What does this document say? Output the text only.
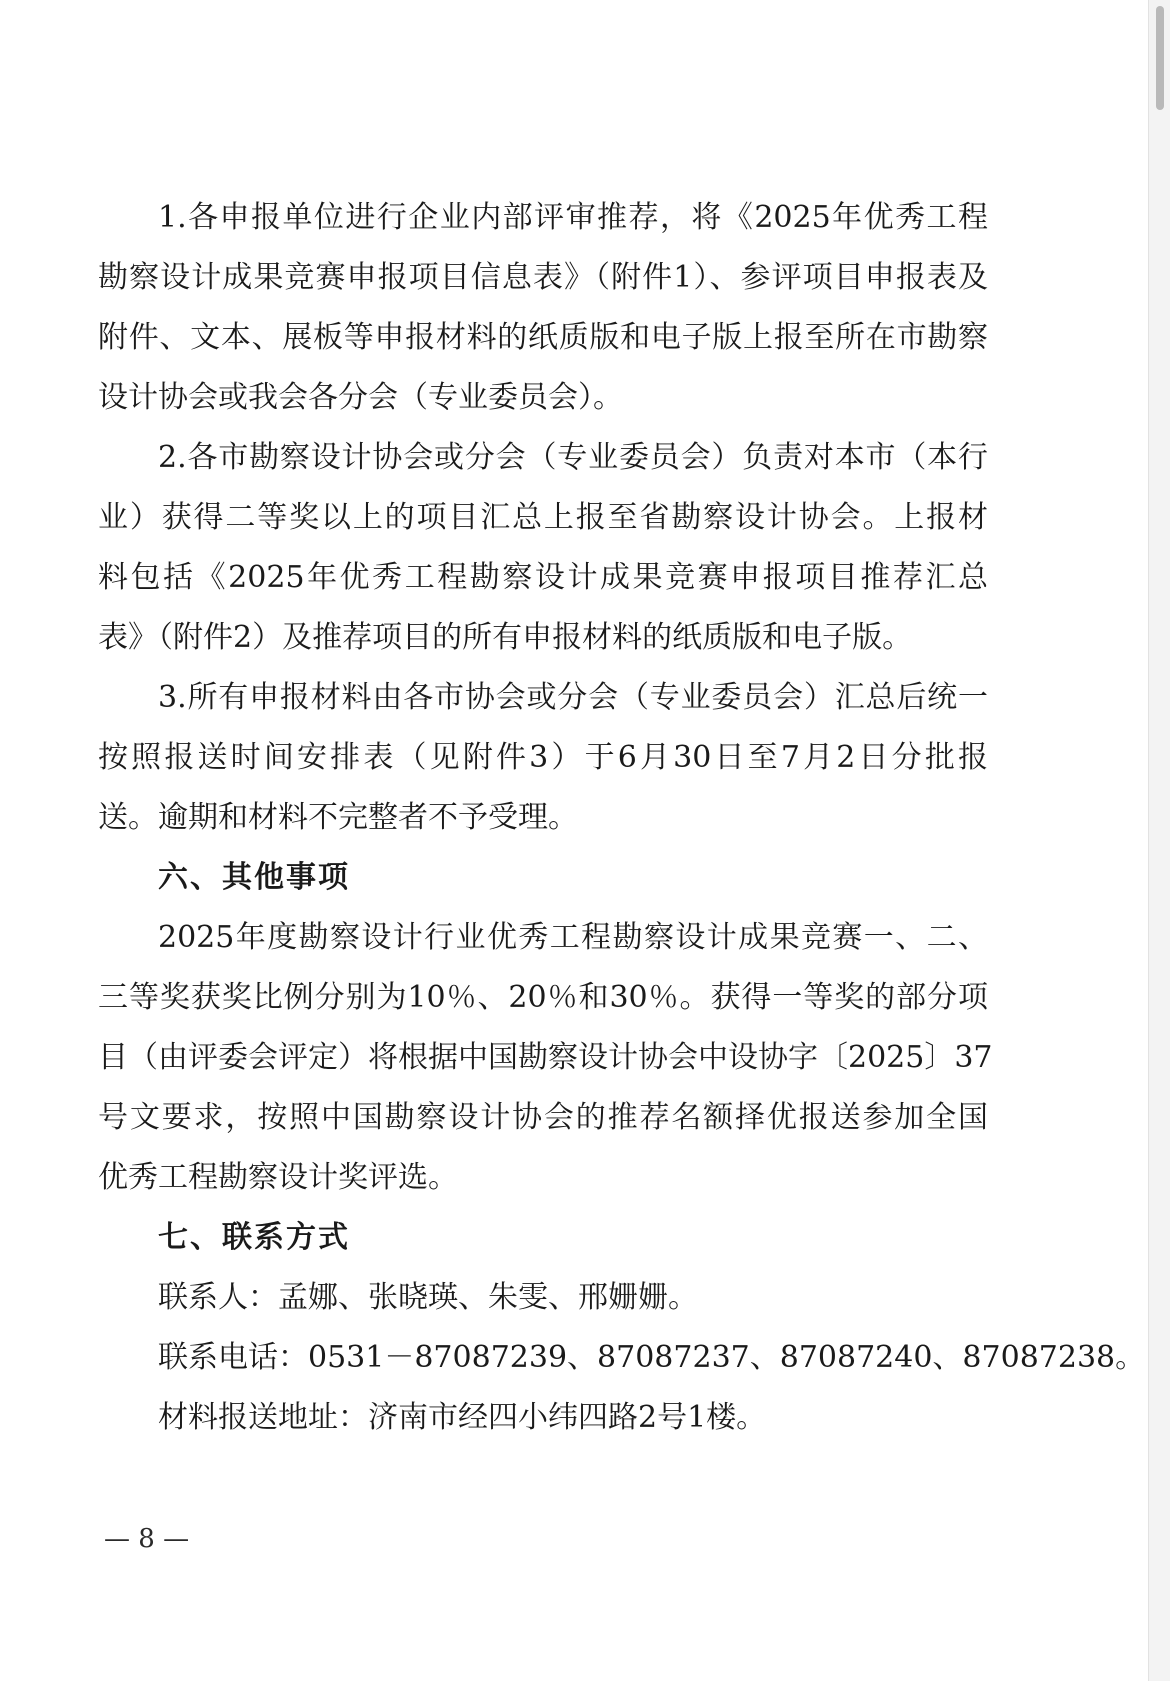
1.各申报单位进行企业内部评审推荐，将《2025年优秀工程

勘察设计成果竞赛申报项目信息表》（附件1）、参评项目申报表及

附件、文本、展板等申报材料的纸质版和电子版上报至所在市勘察

设计协会或我会各分会（专业委员会）。

2.各市勘察设计协会或分会（专业委员会）负责对本市（本行

业）获得二等奖以上的项目汇总上报至省勘察设计协会。上报材

料包括《2025年优秀工程勘察设计成果竞赛申报项目推荐汇总

表》（附件2）及推荐项目的所有申报材料的纸质版和电子版。

3.所有申报材料由各市协会或分会（专业委员会）汇总后统一

按照报送时间安排表（见附件3）于6月30日至7月2日分批报

送。逾期和材料不完整者不予受理。

六、其他事项

2025年度勘察设计行业优秀工程勘察设计成果竞赛一、二、

三等奖获奖比例分别为10％、20％和30％。获得一等奖的部分项

目（由评委会评定）将根据中国勘察设计协会中设协字〔2025〕37

号文要求，按照中国勘察设计协会的推荐名额择优报送参加全国

优秀工程勘察设计奖评选。

七、联系方式

联系人：孟娜、张晓瑛、朱雯、邢姗姗。

联系电话：0531－87087239、87087237、87087240、87087238。

材料报送地址：济南市经四小纬四路2号1楼。

— 8 —
